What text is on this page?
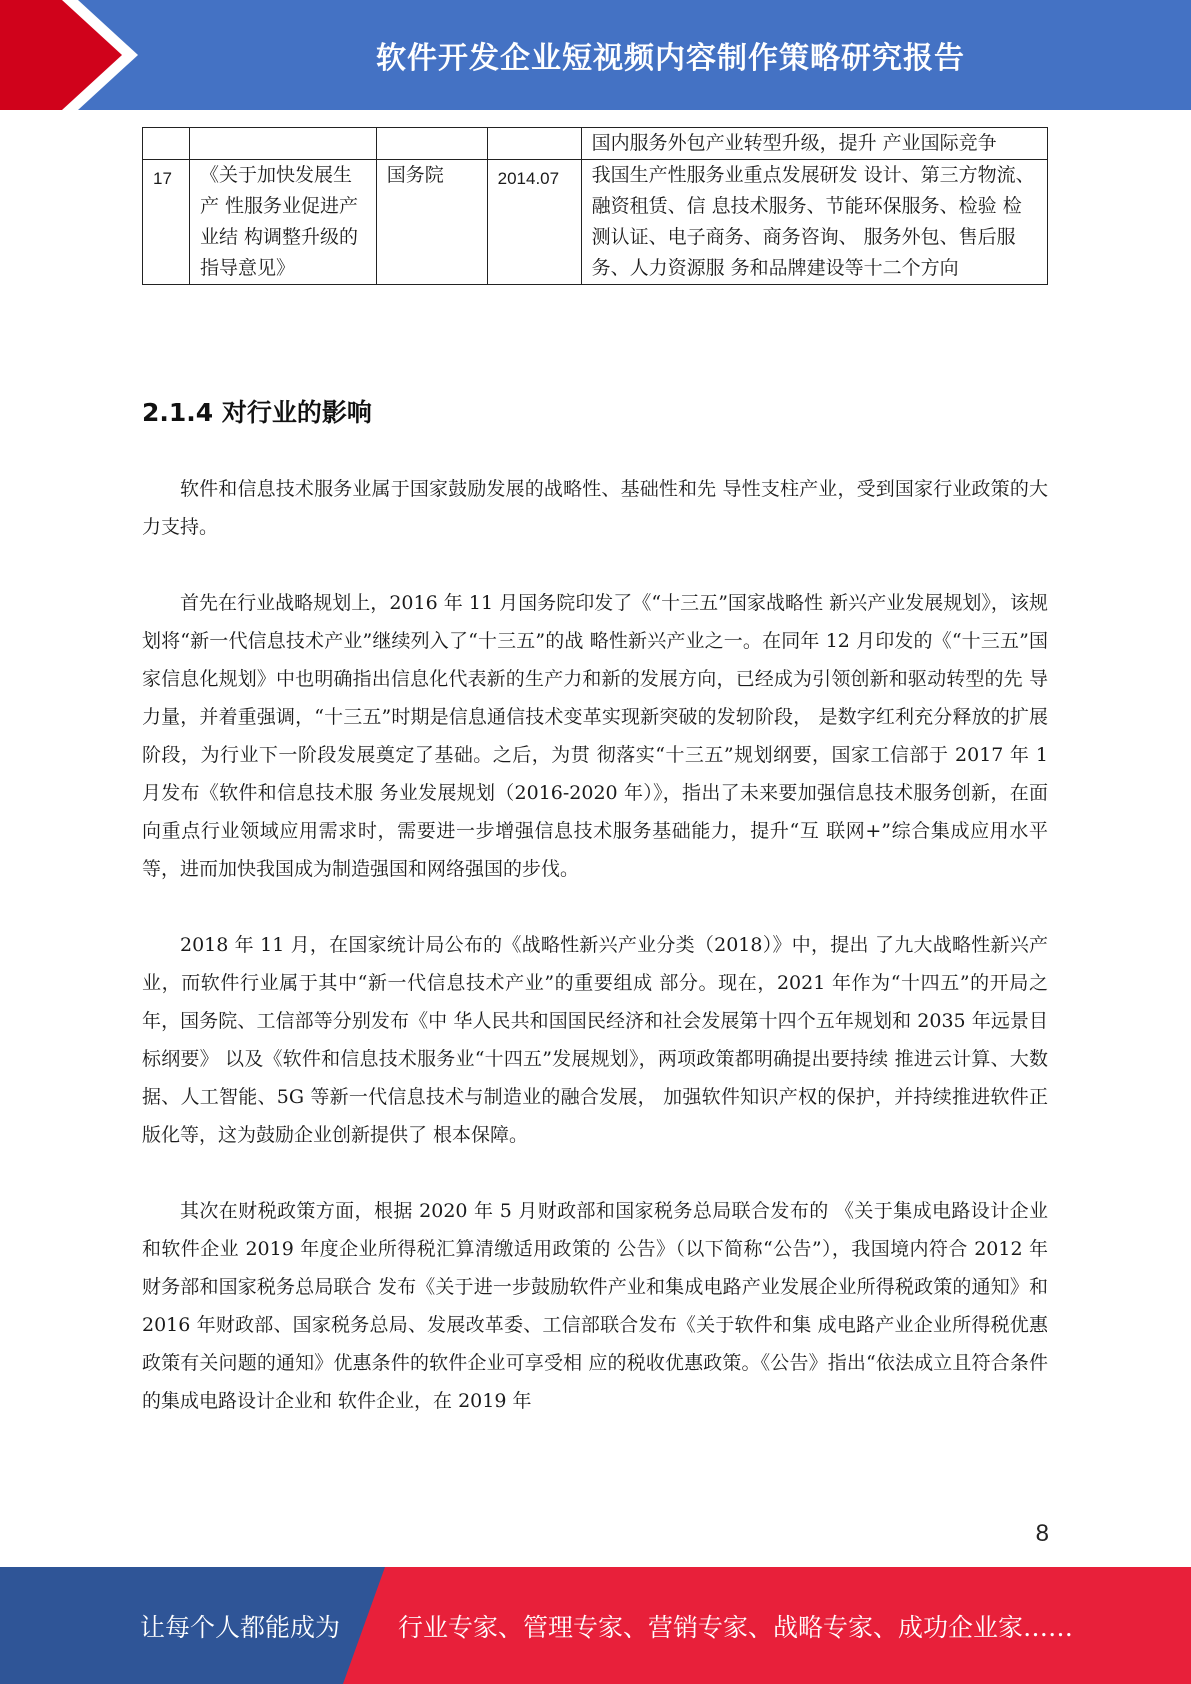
软件开发企业短视频内容制作策略研究报告
				国内服务外包产业转型升级，提升 产业国际竞争
17	《关于加快发展生产 性服务业促进产业结 构调整升级的指导意见》	国务院	2014.07	我国生产性服务业重点发展研发 设计、第三方物流、融资租赁、信 息技术服务、节能环保服务、检验 检测认证、电子商务、商务咨询、 服务外包、售后服务、人力资源服 务和品牌建设等十二个方向
2.1.4 对行业的影响

软件和信息技术服务业属于国家鼓励发展的战略性、基础性和先 导性支柱产业，受到国家行业政策的大力支持。

首先在行业战略规划上，2016 年 11 月国务院印发了《“十三五”国家战略性 新兴产业发展规划》，该规划将“新一代信息技术产业”继续列入了“十三五”的战 略性新兴产业之一。在同年 12 月印发的《“十三五”国家信息化规划》中也明确指出信息化代表新的生产力和新的发展方向，已经成为引领创新和驱动转型的先 导力量，并着重强调，“十三五”时期是信息通信技术变革实现新突破的发轫阶段， 是数字红利充分释放的扩展阶段，为行业下一阶段发展奠定了基础。之后，为贯 彻落实“十三五”规划纲要，国家工信部于 2017 年 1 月发布《软件和信息技术服 务业发展规划（2016-2020 年）》，指出了未来要加强信息技术服务创新，在面 向重点行业领域应用需求时，需要进一步增强信息技术服务基础能力，提升“互 联网+”综合集成应用水平等，进而加快我国成为制造强国和网络强国的步伐。

2018 年 11 月，在国家统计局公布的《战略性新兴产业分类（2018）》中，提出 了九大战略性新兴产业，而软件行业属于其中“新一代信息技术产业”的重要组成 部分。现在，2021 年作为“十四五”的开局之年，国务院、工信部等分别发布《中 华人民共和国国民经济和社会发展第十四个五年规划和 2035 年远景目标纲要》 以及《软件和信息技术服务业“十四五”发展规划》，两项政策都明确提出要持续 推进云计算、大数据、人工智能、5G 等新一代信息技术与制造业的融合发展， 加强软件知识产权的保护，并持续推进软件正版化等，这为鼓励企业创新提供了 根本保障。

其次在财税政策方面，根据 2020 年 5 月财政部和国家税务总局联合发布的 《关于集成电路设计企业和软件企业 2019 年度企业所得税汇算清缴适用政策的 公告》（以下简称“公告”），我国境内符合 2012 年财务部和国家税务总局联合 发布《关于进一步鼓励软件产业和集成电路产业发展企业所得税政策的通知》和 2016 年财政部、国家税务总局、发展改革委、工信部联合发布《关于软件和集 成电路产业企业所得税优惠政策有关问题的通知》优惠条件的软件企业可享受相 应的税收优惠政策。《公告》指出“依法成立且符合条件的集成电路设计企业和 软件企业，在 2019 年

8
让每个人都能成为 行业专家、管理专家、营销专家、战略专家、成功企业家……
